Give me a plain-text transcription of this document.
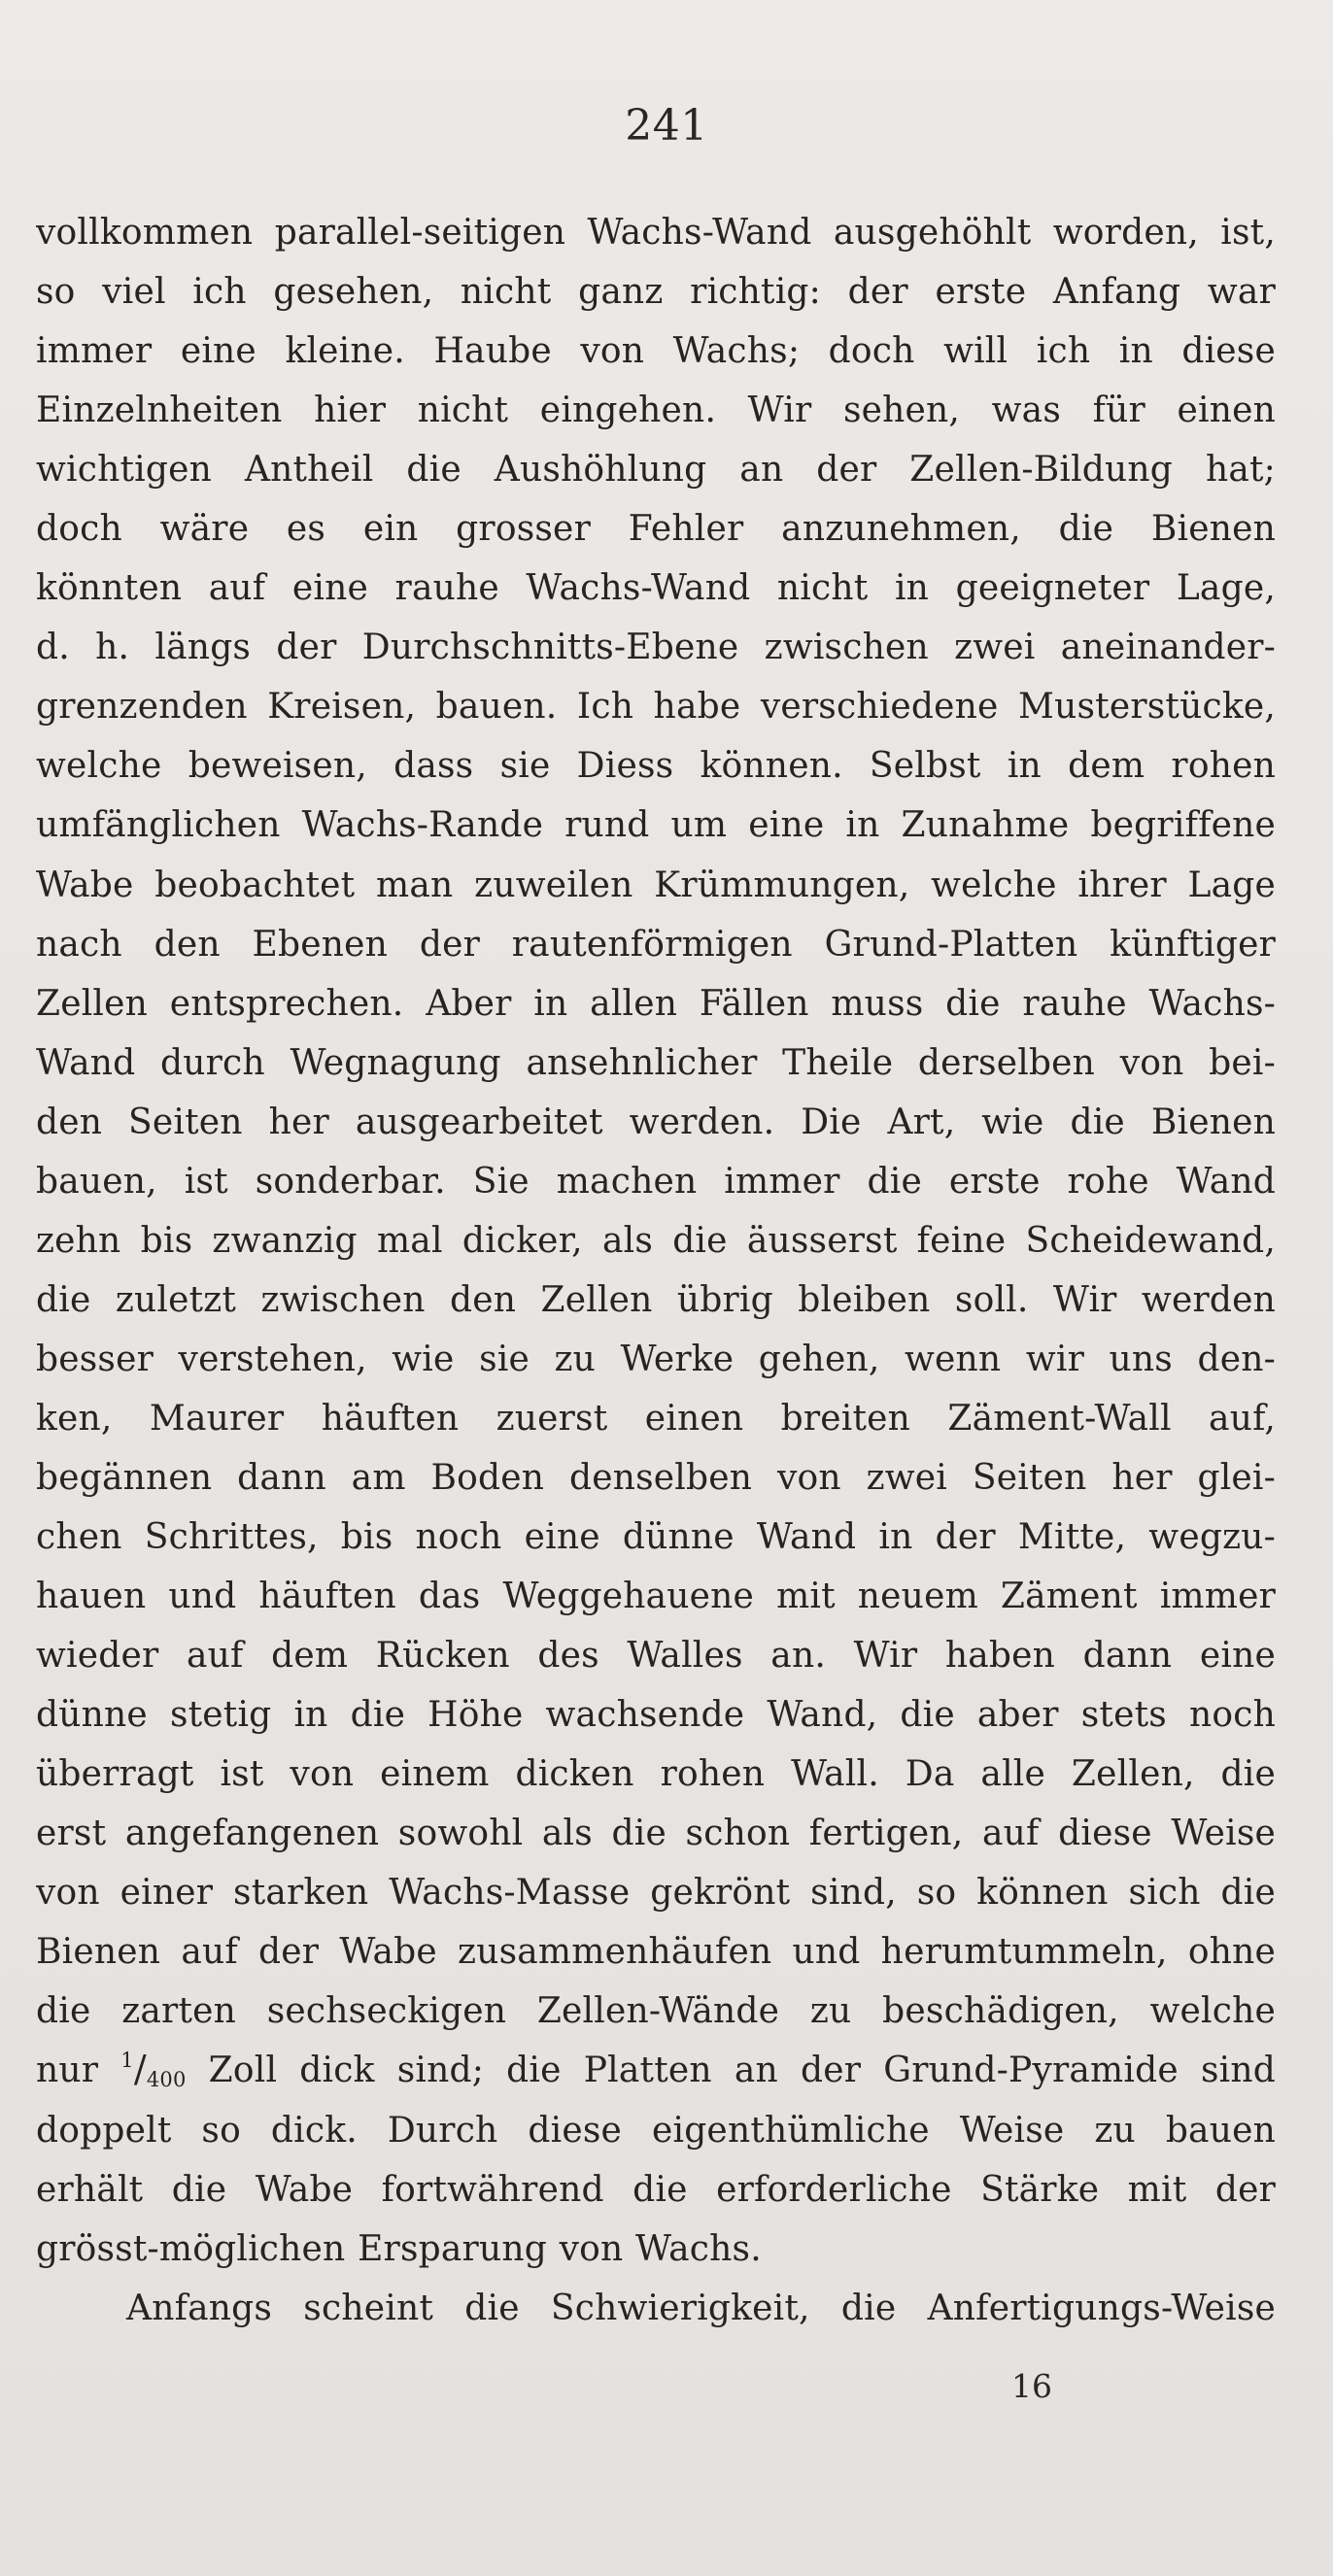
241
vollkommen parallel-seitigen Wachs-Wand ausgehöhlt worden, ist,
so viel ich gesehen, nicht ganz richtig: der erste Anfang war
immer eine kleine. Haube von Wachs; doch will ich in diese
Einzelnheiten hier nicht eingehen. Wir sehen, was für einen
wichtigen Antheil die Aushöhlung an der Zellen-Bildung hat;
doch wäre es ein grosser Fehler anzunehmen, die Bienen
könnten auf eine rauhe Wachs-Wand nicht in geeigneter Lage,
d. h. längs der Durchschnitts-Ebene zwischen zwei aneinander-
grenzenden Kreisen, bauen. Ich habe verschiedene Musterstücke,
welche beweisen, dass sie Diess können. Selbst in dem rohen
umfänglichen Wachs-Rande rund um eine in Zunahme begriffene
Wabe beobachtet man zuweilen Krümmungen, welche ihrer Lage
nach den Ebenen der rautenförmigen Grund-Platten künftiger
Zellen entsprechen. Aber in allen Fällen muss die rauhe Wachs-
Wand durch Wegnagung ansehnlicher Theile derselben von bei-
den Seiten her ausgearbeitet werden. Die Art, wie die Bienen
bauen, ist sonderbar. Sie machen immer die erste rohe Wand
zehn bis zwanzig mal dicker, als die äusserst feine Scheidewand,
die zuletzt zwischen den Zellen übrig bleiben soll. Wir werden
besser verstehen, wie sie zu Werke gehen, wenn wir uns den-
ken, Maurer häuften zuerst einen breiten Zäment-Wall auf,
begännen dann am Boden denselben von zwei Seiten her glei-
chen Schrittes, bis noch eine dünne Wand in der Mitte, wegzu-
hauen und häuften das Weggehauene mit neuem Zäment immer
wieder auf dem Rücken des Walles an. Wir haben dann eine
dünne stetig in die Höhe wachsende Wand, die aber stets noch
überragt ist von einem dicken rohen Wall. Da alle Zellen, die
erst angefangenen sowohl als die schon fertigen, auf diese Weise
von einer starken Wachs-Masse gekrönt sind, so können sich die
Bienen auf der Wabe zusammenhäufen und herumtummeln, ohne
die zarten sechseckigen Zellen-Wände zu beschädigen, welche
nur $^1$/400 Zoll dick sind; die Platten an der Grund-Pyramide sind
doppelt so dick. Durch diese eigenthümliche Weise zu bauen
erhält die Wabe fortwährend die erforderliche Stärke mit der
grösst-möglichen Ersparung von Wachs.
Anfangs scheint die Schwierigkeit, die Anfertigungs-Weise
16
